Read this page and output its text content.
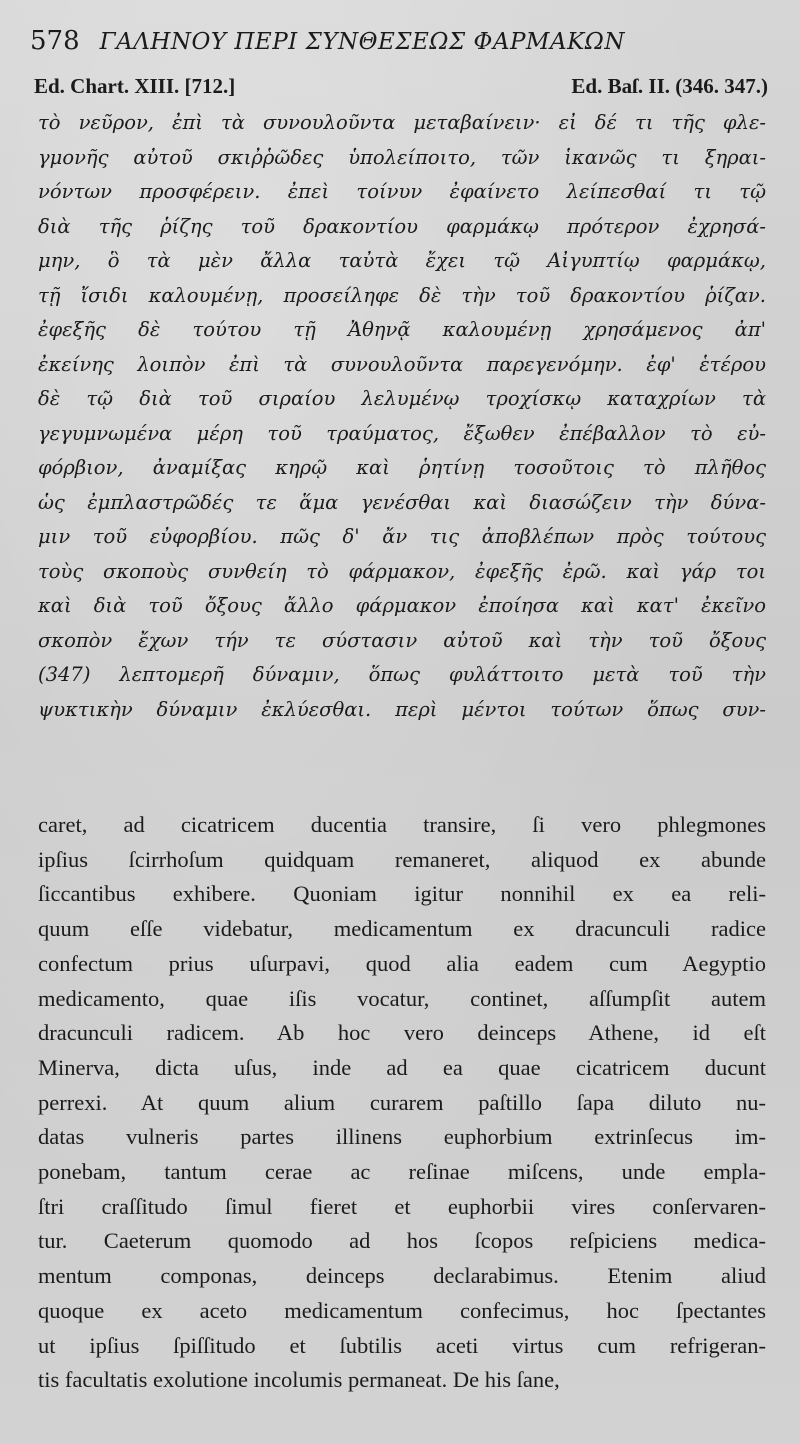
578 ΓΑΛΗΝΟΥ ΠΕΡΙ ΣΥΝΘΕΣΕΩΣ ΦΑΡΜΑΚΩΝ
Ed. Chart. XIII. [712.]	Ed. Baſ. II. (346. 347.)
τὸ νεῦρον, ἐπὶ τὰ συνουλοῦντα μεταβαίνειν· εἰ δέ τι τῆς φλε-
γμονῆς αὐτοῦ σκιῤῥῶδες ὑπολείποιτο, τῶν ἱκανῶς τι ξηραι-
νόντων προσφέρειν. ἐπεὶ τοίνυν ἐφαίνετο λείπεσθαί τι τῷ
διὰ τῆς ῥίζης τοῦ δρακοντίου φαρμάκῳ πρότερον ἐχρησά-
μην, ὃ τὰ μὲν ἄλλα ταὐτὰ ἔχει τῷ Αἰγυπτίῳ φαρμάκῳ,
τῇ ἴσιδι καλουμένῃ, προσείληφε δὲ τὴν τοῦ δρακοντίου ῥίζαν.
ἐφεξῆς δὲ τούτου τῇ Ἀθηνᾷ καλουμένῃ χρησάμενος ἀπ'
ἐκείνης λοιπὸν ἐπὶ τὰ συνουλοῦντα παρεγενόμην. ἐφ' ἑτέρου
δὲ τῷ διὰ τοῦ σιραίου λελυμένῳ τροχίσκῳ καταχρίων τὰ
γεγυμνωμένα μέρη τοῦ τραύματος, ἔξωθεν ἐπέβαλλον τὸ εὐ-
φόρβιον, ἀναμίξας κηρῷ καὶ ῥητίνῃ τοσοῦτοις τὸ πλῆθος
ὡς ἐμπλαστρῶδές τε ἅμα γενέσθαι καὶ διασώζειν τὴν δύνα-
μιν τοῦ εὐφορβίου. πῶς δ' ἄν τις ἀποβλέπων πρὸς τούτους
τοὺς σκοποὺς συνθείη τὸ φάρμακον, ἐφεξῆς ἐρῶ. καὶ γάρ τοι
καὶ διὰ τοῦ ὄξους ἄλλο φάρμακον ἐποίησα καὶ κατ' ἐκεῖνο
σκοπὸν ἔχων τήν τε σύστασιν αὐτοῦ καὶ τὴν τοῦ ὄξους
(347) λεπτομερῆ δύναμιν, ὅπως φυλάττοιτο μετὰ τοῦ τὴν
ψυκτικὴν δύναμιν ἐκλύεσθαι. περὶ μέντοι τούτων ὅπως συν-
caret, ad cicatricem ducentia transire, ſi vero phlegmones
ipſius ſcirrhoſum quidquam remaneret, aliquod ex abunde
ſiccantibus exhibere. Quoniam igitur nonnihil ex ea reli-
quum eſſe videbatur, medicamentum ex dracunculi radice
confectum prius uſurpavi, quod alia eadem cum Aegyptio
medicamento, quae iſis vocatur, continet, aſſumpſit autem
dracunculi radicem. Ab hoc vero deinceps Athene, id eſt
Minerva, dicta uſus, inde ad ea quae cicatricem ducunt
perrexi. At quum alium curarem paſtillo ſapa diluto nu-
datas vulneris partes illinens euphorbium extrinſecus im-
ponebam, tantum cerae ac reſinae miſcens, unde empla-
ſtri craſſitudo ſimul fieret et euphorbii vires conſervaren-
tur. Caeterum quomodo ad hos ſcopos reſpiciens medica-
mentum componas, deinceps declarabimus. Etenim aliud
quoque ex aceto medicamentum confecimus, hoc ſpectantes
ut ipſius ſpiſſitudo et ſubtilis aceti virtus cum refrigeran-
tis facultatis exolutione incolumis permaneat. De his ſane,
